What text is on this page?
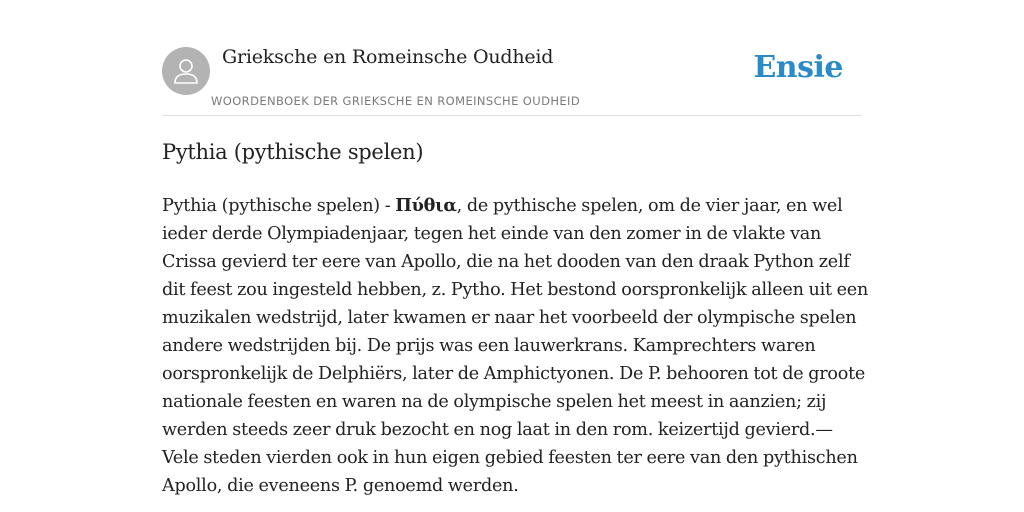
Grieksche en Romeinsche Oudheid
WOORDENBOEK DER GRIEKSCHE EN ROMEINSCHE OUDHEID
Ensie
Pythia (pythische spelen)

Pythia (pythische spelen) - Πύθια, de pythische spelen, om de vier jaar, en wel ieder derde Olympiadenjaar, tegen het einde van den zomer in de vlakte van Crissa gevierd ter eere van Apollo, die na het dooden van den draak Python zelf dit feest zou ingesteld hebben, z. Pytho. Het bestond oorspronkelijk alleen uit een muzikalen wedstrijd, later kwamen er naar het voorbeeld der olympische spelen andere wedstrijden bij. De prijs was een lauwerkrans. Kamprechters waren oorspronkelijk de Delphiërs, later de Amphictyonen. De P. behooren tot de groote nationale feesten en waren na de olympische spelen het meest in aanzien; zij werden steeds zeer druk bezocht en nog laat in den rom. keizertijd gevierd.— Vele steden vierden ook in hun eigen gebied feesten ter eere van den pythischen Apollo, die eveneens P. genoemd werden.
